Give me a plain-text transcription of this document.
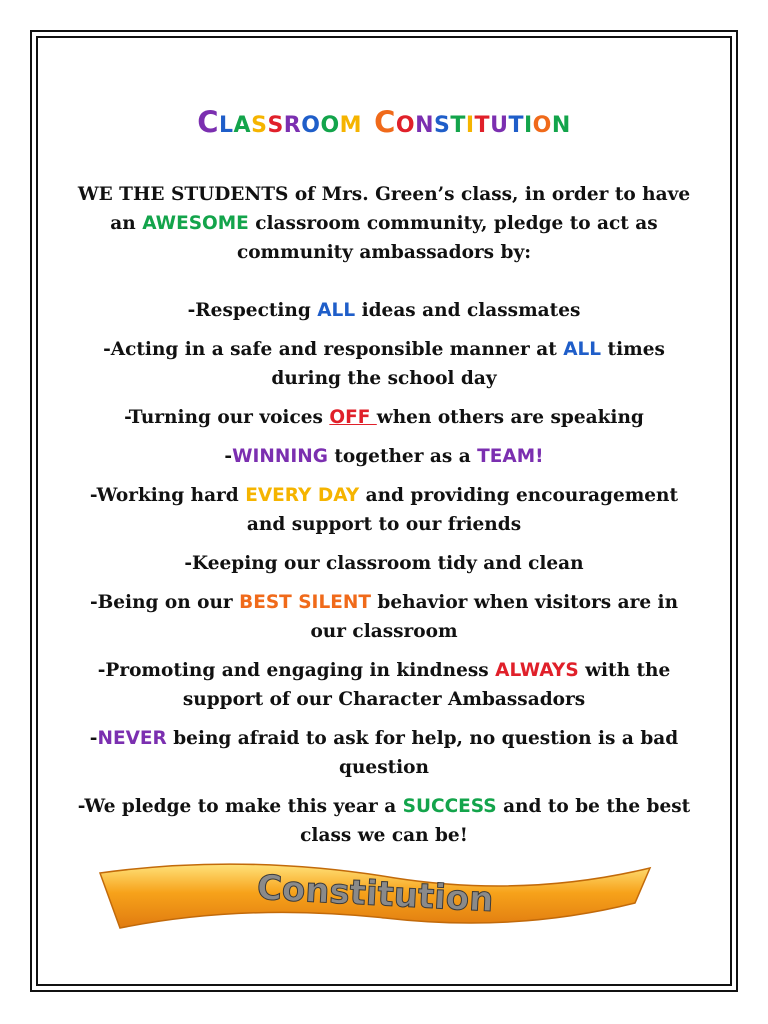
CLASSROOM CONSTITUTION

WE THE STUDENTS of Mrs. Green’s class, in order to have an AWESOME classroom community, pledge to act as community ambassadors by:

-Respecting ALL ideas and classmates

-Acting in a safe and responsible manner at ALL times during the school day

-Turning our voices OFF when others are speaking

-WINNING together as a TEAM!

-Working hard EVERY DAY and providing encouragement and support to our friends

-Keeping our classroom tidy and clean

-Being on our BEST SILENT behavior when visitors are in our classroom

-Promoting and engaging in kindness ALWAYS with the support of our Character Ambassadors

-NEVER being afraid to ask for help, no question is a bad question

-We pledge to make this year a SUCCESS and to be the best class we can be!

Constitution
